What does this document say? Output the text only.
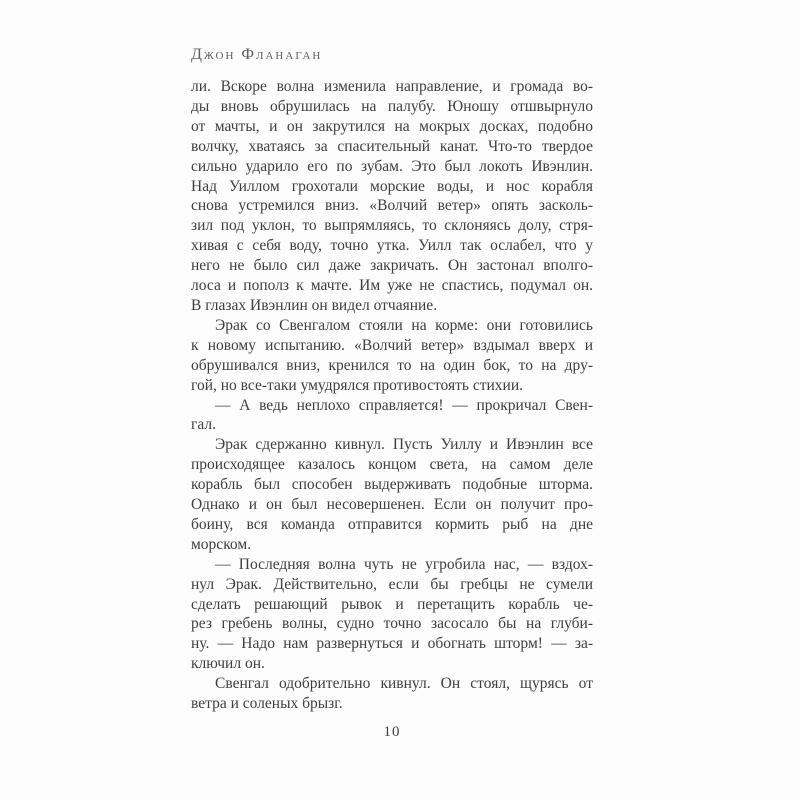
Джон Фланаган
ли. Вскоре волна изменила направление, и громада во-
ды вновь обрушилась на палубу. Юношу отшвырнуло
от мачты, и он закрутился на мокрых досках, подобно
волчку, хватаясь за спасительный канат. Что-то твердое
сильно ударило его по зубам. Это был локоть Ивэнлин.
Над Уиллом грохотали морские воды, и нос корабля
снова устремился вниз. «Волчий ветер» опять засколь-
зил под уклон, то выпрямляясь, то склоняясь долу, стря-
хивая с себя воду, точно утка. Уилл так ослабел, что у
него не было сил даже закричать. Он застонал вполго-
лоса и пополз к мачте. Им уже не спастись, подумал он.
В глазах Ивэнлин он видел отчаяние.
Эрак со Свенгалом стояли на корме: они готовились
к новому испытанию. «Волчий ветер» вздымал вверх и
обрушивался вниз, кренился то на один бок, то на дру-
гой, но все-таки умудрялся противостоять стихии.
— А ведь неплохо справляется! — прокричал Свен-
гал.
Эрак сдержанно кивнул. Пусть Уиллу и Ивэнлин все
происходящее казалось концом света, на самом деле
корабль был способен выдерживать подобные шторма.
Однако и он был несовершенен. Если он получит про-
боину, вся команда отправится кормить рыб на дне
морском.
— Последняя волна чуть не угробила нас, — вздох-
нул Эрак. Действительно, если бы гребцы не сумели
сделать решающий рывок и перетащить корабль че-
рез гребень волны, судно точно засосало бы на глуби-
ну. — Надо нам развернуться и обогнать шторм! — за-
ключил он.
Свенгал одобрительно кивнул. Он стоял, щурясь от
ветра и соленых брызг.
10
